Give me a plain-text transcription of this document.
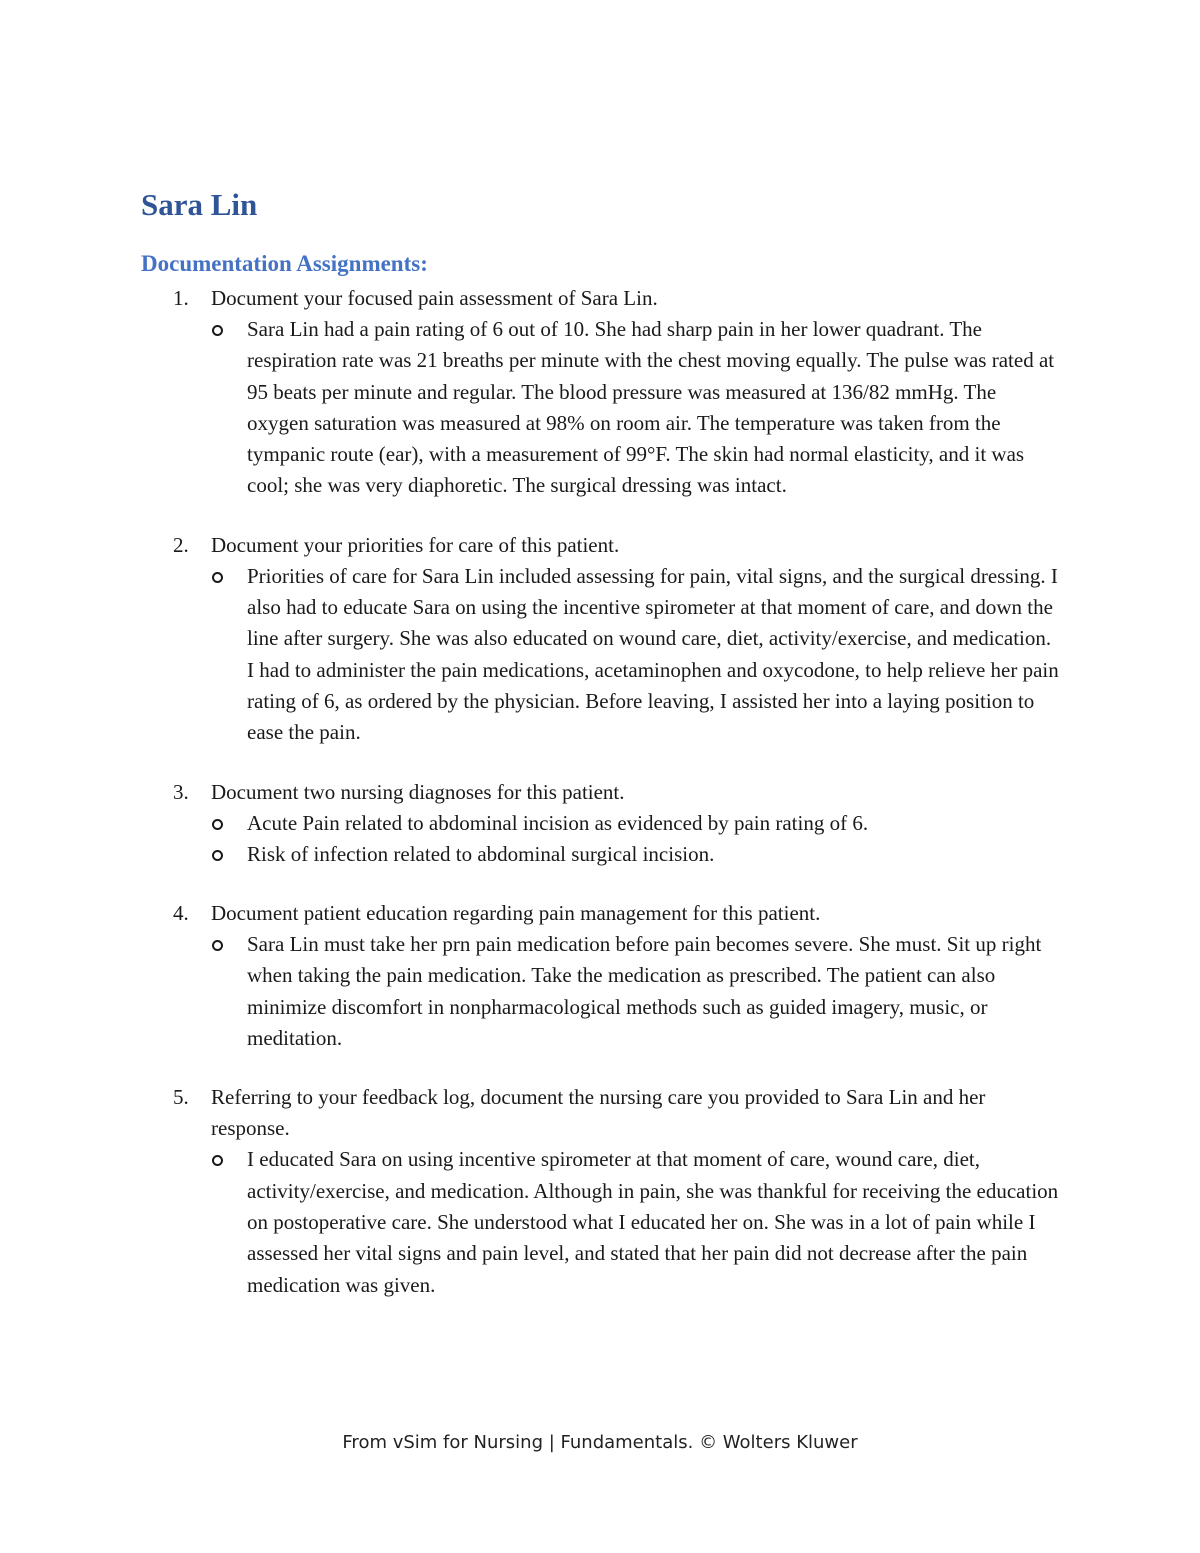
Sara Lin
Documentation Assignments:
1. Document your focused pain assessment of Sara Lin.
Sara Lin had a pain rating of 6 out of 10. She had sharp pain in her lower quadrant. The respiration rate was 21 breaths per minute with the chest moving equally. The pulse was rated at 95 beats per minute and regular. The blood pressure was measured at 136/82 mmHg. The oxygen saturation was measured at 98% on room air. The temperature was taken from the tympanic route (ear), with a measurement of 99°F. The skin had normal elasticity, and it was cool; she was very diaphoretic. The surgical dressing was intact.
2. Document your priorities for care of this patient.
Priorities of care for Sara Lin included assessing for pain, vital signs, and the surgical dressing. I also had to educate Sara on using the incentive spirometer at that moment of care, and down the line after surgery. She was also educated on wound care, diet, activity/exercise, and medication. I had to administer the pain medications, acetaminophen and oxycodone, to help relieve her pain rating of 6, as ordered by the physician. Before leaving, I assisted her into a laying position to ease the pain.
3. Document two nursing diagnoses for this patient.
Acute Pain related to abdominal incision as evidenced by pain rating of 6.
Risk of infection related to abdominal surgical incision.
4. Document patient education regarding pain management for this patient.
Sara Lin must take her prn pain medication before pain becomes severe. She must. Sit up right when taking the pain medication. Take the medication as prescribed. The patient can also minimize discomfort in nonpharmacological methods such as guided imagery, music, or meditation.
5. Referring to your feedback log, document the nursing care you provided to Sara Lin and her response.
I educated Sara on using incentive spirometer at that moment of care, wound care, diet, activity/exercise, and medication. Although in pain, she was thankful for receiving the education on postoperative care. She understood what I educated her on. She was in a lot of pain while I assessed her vital signs and pain level, and stated that her pain did not decrease after the pain medication was given.
From vSim for Nursing | Fundamentals. © Wolters Kluwer
